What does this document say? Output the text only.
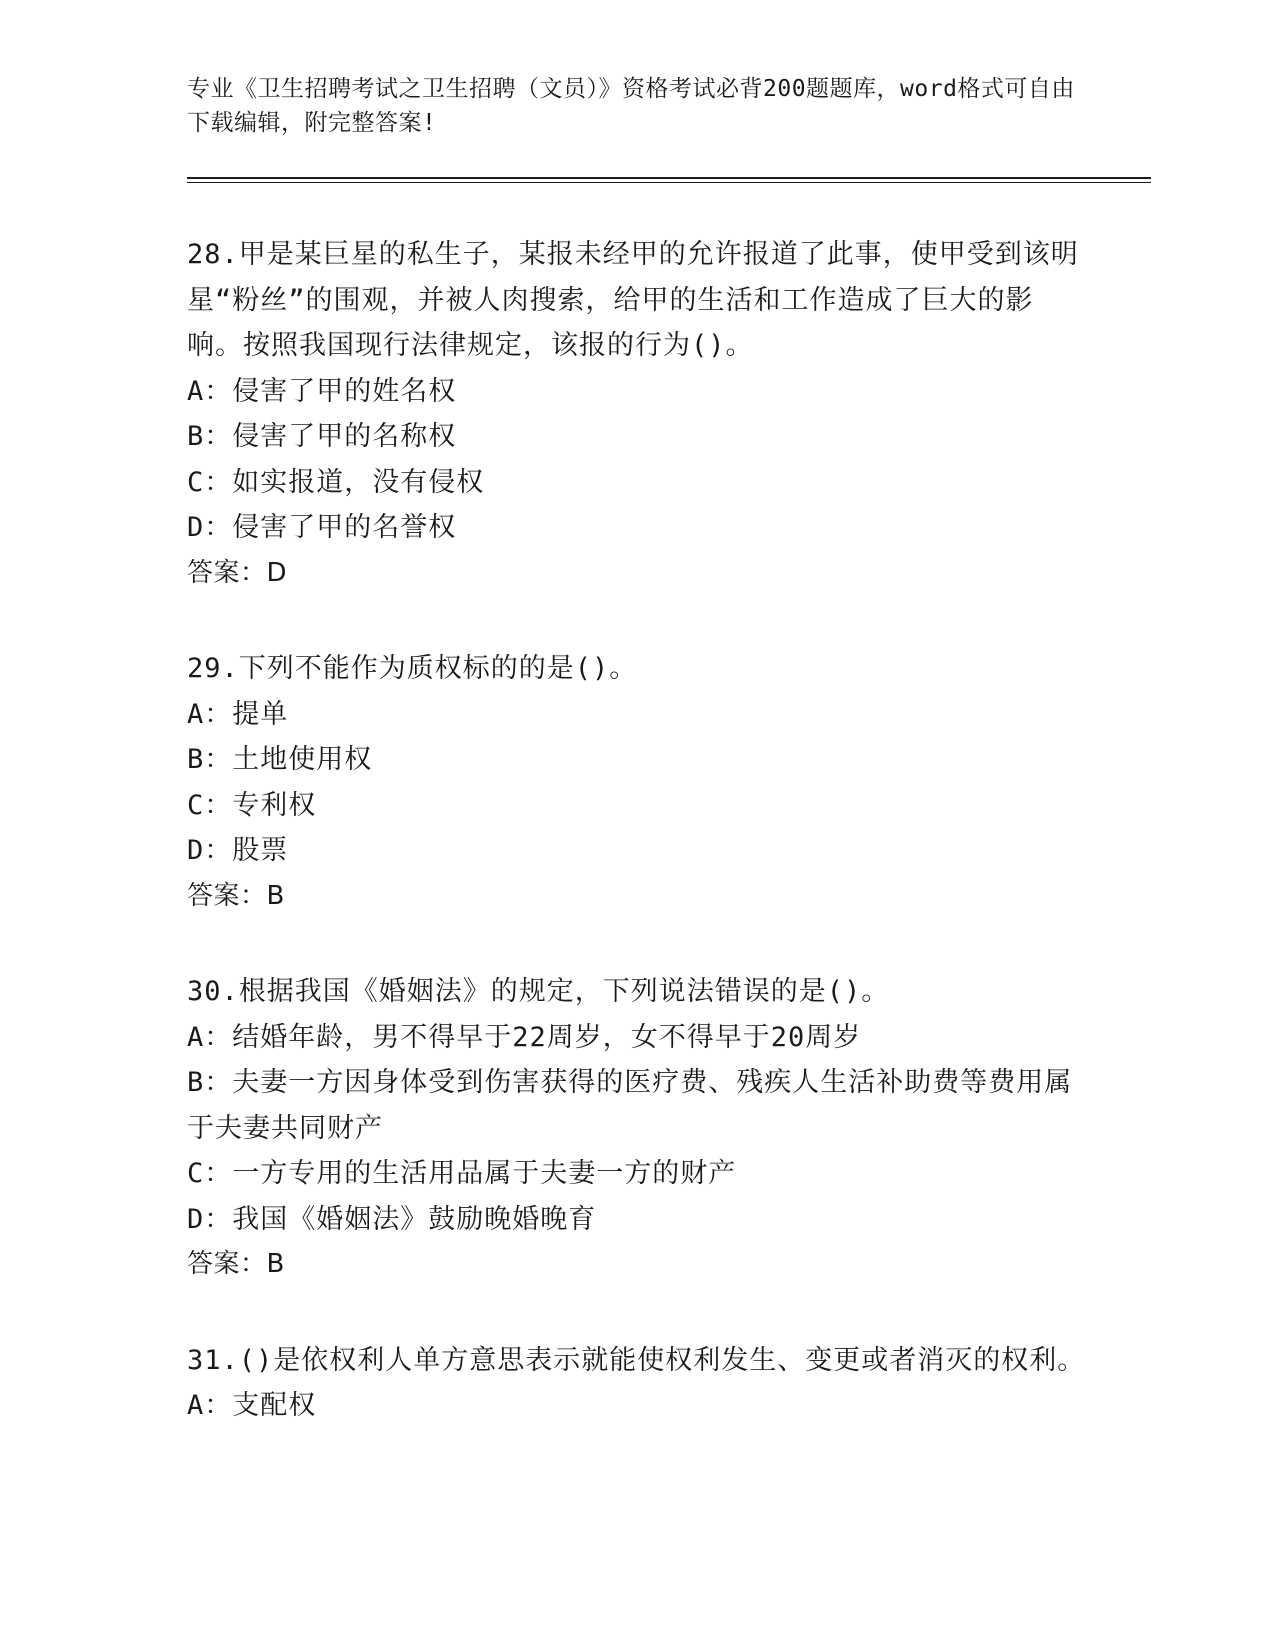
专业《卫生招聘考试之卫生招聘（文员）》资格考试必背200题题库，word格式可自由下载编辑，附完整答案!

28.甲是某巨星的私生子，某报未经甲的允许报道了此事，使甲受到该明星“粉丝”的围观，并被人肉搜索，给甲的生活和工作造成了巨大的影响。按照我国现行法律规定，该报的行为()。

A：侵害了甲的姓名权

B：侵害了甲的名称权

C：如实报道，没有侵权

D：侵害了甲的名誉权

答案：D

29.下列不能作为质权标的的是()。

A：提单

B：土地使用权

C：专利权

D：股票

答案：B

30.根据我国《婚姻法》的规定，下列说法错误的是()。

A：结婚年龄，男不得早于22周岁，女不得早于20周岁

B：夫妻一方因身体受到伤害获得的医疗费、残疾人生活补助费等费用属于夫妻共同财产

C：一方专用的生活用品属于夫妻一方的财产

D：我国《婚姻法》鼓励晚婚晚育

答案：B

31.()是依权利人单方意思表示就能使权利发生、变更或者消灭的权利。

A：支配权
